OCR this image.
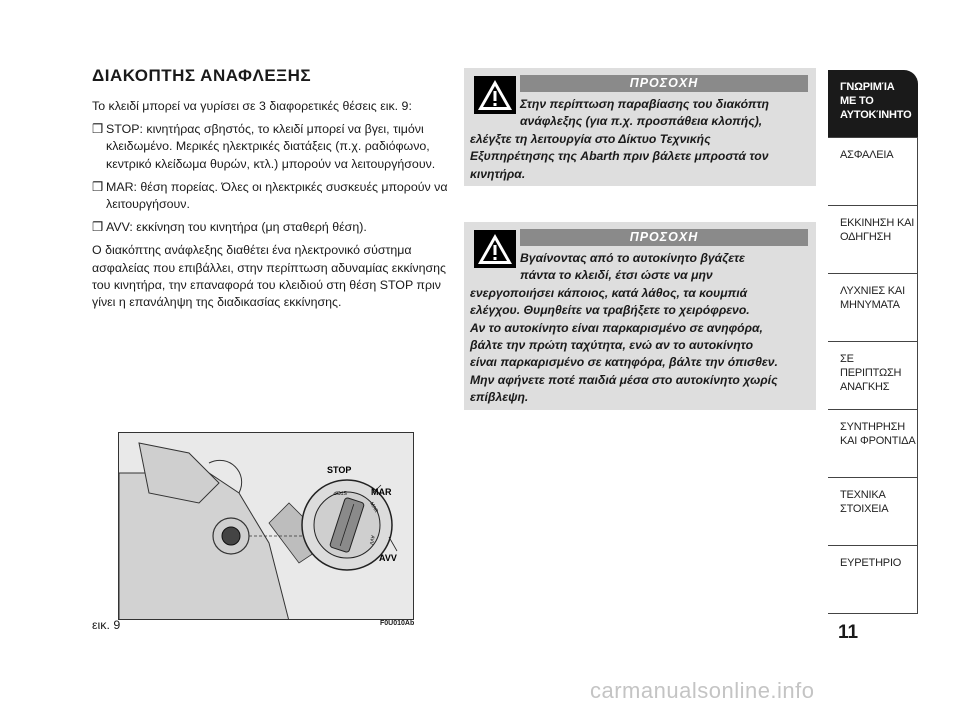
ΔΙΑΚΟΠΤΗΣ ΑΝΑΦΛΕΞΗΣ

Το κλειδί μπορεί να γυρίσει σε 3 διαφορετικές θέσεις εικ. 9:

❒ STOP: κινητήρας σβηστός, το κλειδί μπορεί να βγει, τιμόνι κλειδωμένο. Μερικές ηλεκτρικές διατάξεις (π.χ. ραδιόφωνο, κεντρικό κλείδωμα θυρών, κτλ.) μπορούν να λειτουργήσουν.

❒ MAR: θέση πορείας. Όλες οι ηλεκτρικές συσκευές μπορούν να λειτουργήσουν.

❒ AVV: εκκίνηση του κινητήρα (μη σταθερή θέση).

Ο διακόπτης ανάφλεξης διαθέτει ένα ηλεκτρονικό σύστημα ασφαλείας που επιβάλλει, στην περίπτωση αδυναμίας εκκίνησης του κινητήρα, την επαναφορά του κλειδιού στη θέση STOP πριν γίνει η επανάληψη της διαδικασίας εκκίνησης.

STOP
MAR
AVV
STOP
MAR
AVV
εικ. 9	F0U010Ab
ΠΡΟΣΟΧΗ
Στην περίπτωση παραβίασης του διακόπτη
ανάφλεξης (για π.χ. προσπάθεια κλοπής),
ελέγξτε τη λειτουργία στο Δίκτυο Τεχνικής
Εξυπηρέτησης της Abarth πριν βάλετε μπροστά τον
κινητήρα.
ΠΡΟΣΟΧΗ
Βγαίνοντας από το αυτοκίνητο βγάζετε
πάντα το κλειδί, έτσι ώστε να μην
ενεργοποιήσει κάποιος, κατά λάθος, τα κουμπιά
ελέγχου. Θυμηθείτε να τραβήξετε το χειρόφρενο.
Αν το αυτοκίνητο είναι παρκαρισμένο σε ανηφόρα,
βάλτε την πρώτη ταχύτητα, ενώ αν το αυτοκίνητο
είναι παρκαρισμένο σε κατηφόρα, βάλτε την όπισθεν.
Μην αφήνετε ποτέ παιδιά μέσα στο αυτοκίνητο χωρίς
επίβλεψη.
ΓΝΩΡΙΜΊΑ
ΜΕ ΤΟ
ΑΥΤΟΚΊΝΗΤΟ
ΑΣΦΑΛΕΙΑ
ΕΚΚΙΝΗΣΗ ΚΑΙ
ΟΔΗΓΗΣΗ
ΛΥΧΝΙΕΣ ΚΑΙ
ΜΗΝΥΜΑΤΑ
ΣΕ ΠΕΡΙΠΤΩΣΗ
ΑΝΑΓΚΗΣ
ΣΥΝΤΗΡΗΣΗ
ΚΑΙ ΦΡΟΝΤΙΔΑ
ΤΕΧΝΙΚΑ
ΣΤΟΙΧΕΙΑ
ΕΥΡΕΤΗΡΙΟ
11
carmanualsonline.info
